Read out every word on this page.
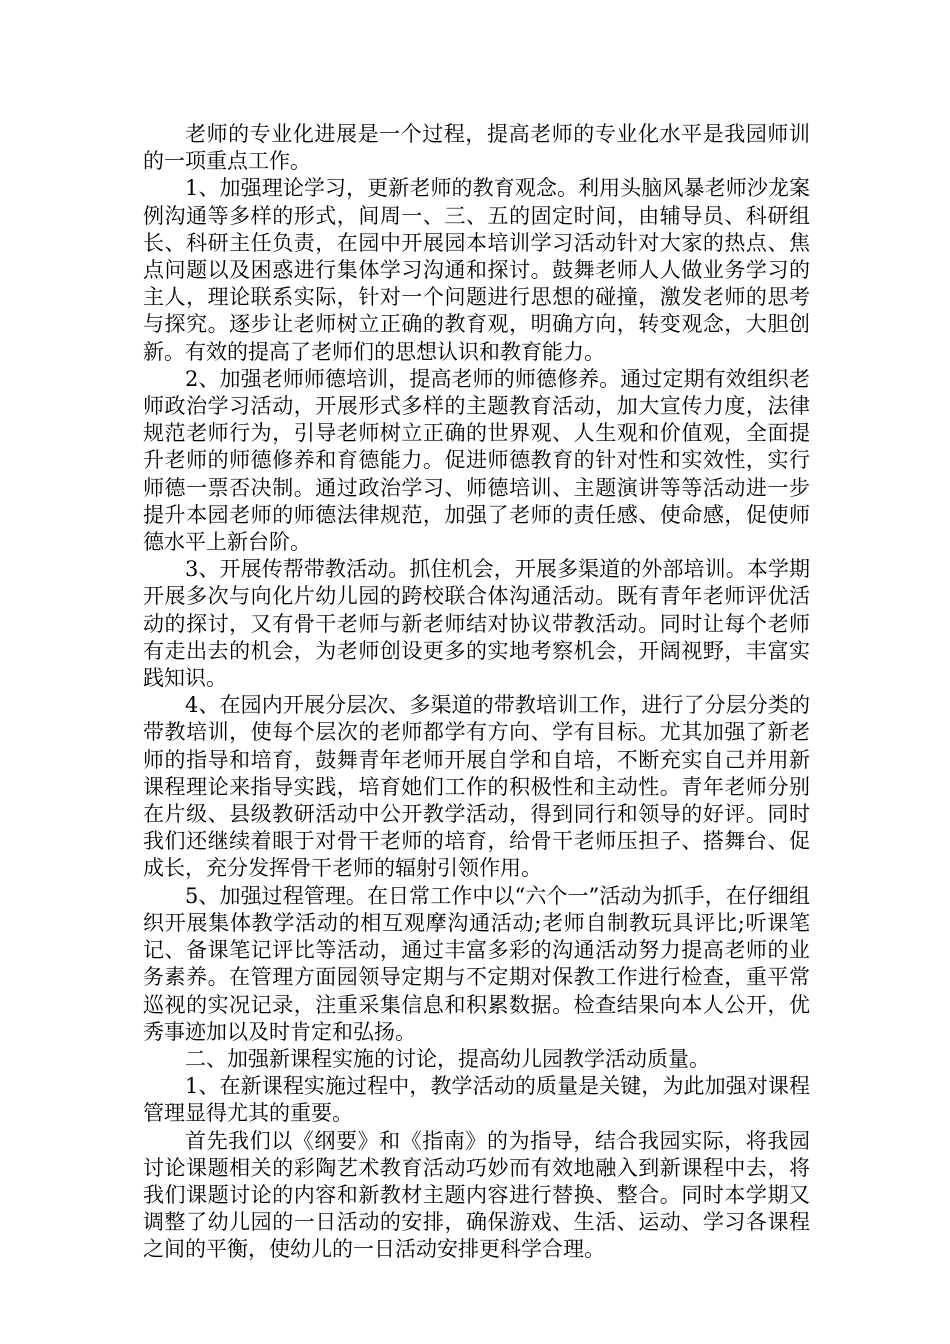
老师的专业化进展是一个过程，提高老师的专业化水平是我园师训的一项重点工作。

1、加强理论学习，更新老师的教育观念。利用头脑风暴老师沙龙案例沟通等多样的形式，间周一、三、五的固定时间，由辅导员、科研组长、科研主任负责，在园中开展园本培训学习活动针对大家的热点、焦点问题以及困惑进行集体学习沟通和探讨。鼓舞老师人人做业务学习的主人，理论联系实际，针对一个问题进行思想的碰撞，激发老师的思考与探究。逐步让老师树立正确的教育观，明确方向，转变观念，大胆创新。有效的提高了老师们的思想认识和教育能力。

2、加强老师师德培训，提高老师的师德修养。通过定期有效组织老师政治学习活动，开展形式多样的主题教育活动，加大宣传力度，法律规范老师行为，引导老师树立正确的世界观、人生观和价值观，全面提升老师的师德修养和育德能力。促进师德教育的针对性和实效性，实行师德一票否决制。通过政治学习、师德培训、主题演讲等等活动进一步提升本园老师的师德法律规范，加强了老师的责任感、使命感，促使师德水平上新台阶。

3、开展传帮带教活动。抓住机会，开展多渠道的外部培训。本学期开展多次与向化片幼儿园的跨校联合体沟通活动。既有青年老师评优活动的探讨，又有骨干老师与新老师结对协议带教活动。同时让每个老师有走出去的机会，为老师创设更多的实地考察机会，开阔视野，丰富实践知识。

4、在园内开展分层次、多渠道的带教培训工作，进行了分层分类的带教培训，使每个层次的老师都学有方向、学有目标。尤其加强了新老师的指导和培育，鼓舞青年老师开展自学和自培，不断充实自己并用新课程理论来指导实践，培育她们工作的积极性和主动性。青年老师分别在片级、县级教研活动中公开教学活动，得到同行和领导的好评。同时我们还继续着眼于对骨干老师的培育，给骨干老师压担子、搭舞台、促成长，充分发挥骨干老师的辐射引领作用。

5、加强过程管理。在日常工作中以“六个一”活动为抓手，在仔细组织开展集体教学活动的相互观摩沟通活动;老师自制教玩具评比;听课笔记、备课笔记评比等活动，通过丰富多彩的沟通活动努力提高老师的业务素养。在管理方面园领导定期与不定期对保教工作进行检查，重平常巡视的实况记录，注重采集信息和积累数据。检查结果向本人公开，优秀事迹加以及时肯定和弘扬。

二、加强新课程实施的讨论，提高幼儿园教学活动质量。

1、在新课程实施过程中，教学活动的质量是关键，为此加强对课程管理显得尤其的重要。

首先我们以《纲要》和《指南》的为指导，结合我园实际，将我园讨论课题相关的彩陶艺术教育活动巧妙而有效地融入到新课程中去，将我们课题讨论的内容和新教材主题内容进行替换、整合。同时本学期又调整了幼儿园的一日活动的安排，确保游戏、生活、运动、学习各课程之间的平衡，使幼儿的一日活动安排更科学合理。
